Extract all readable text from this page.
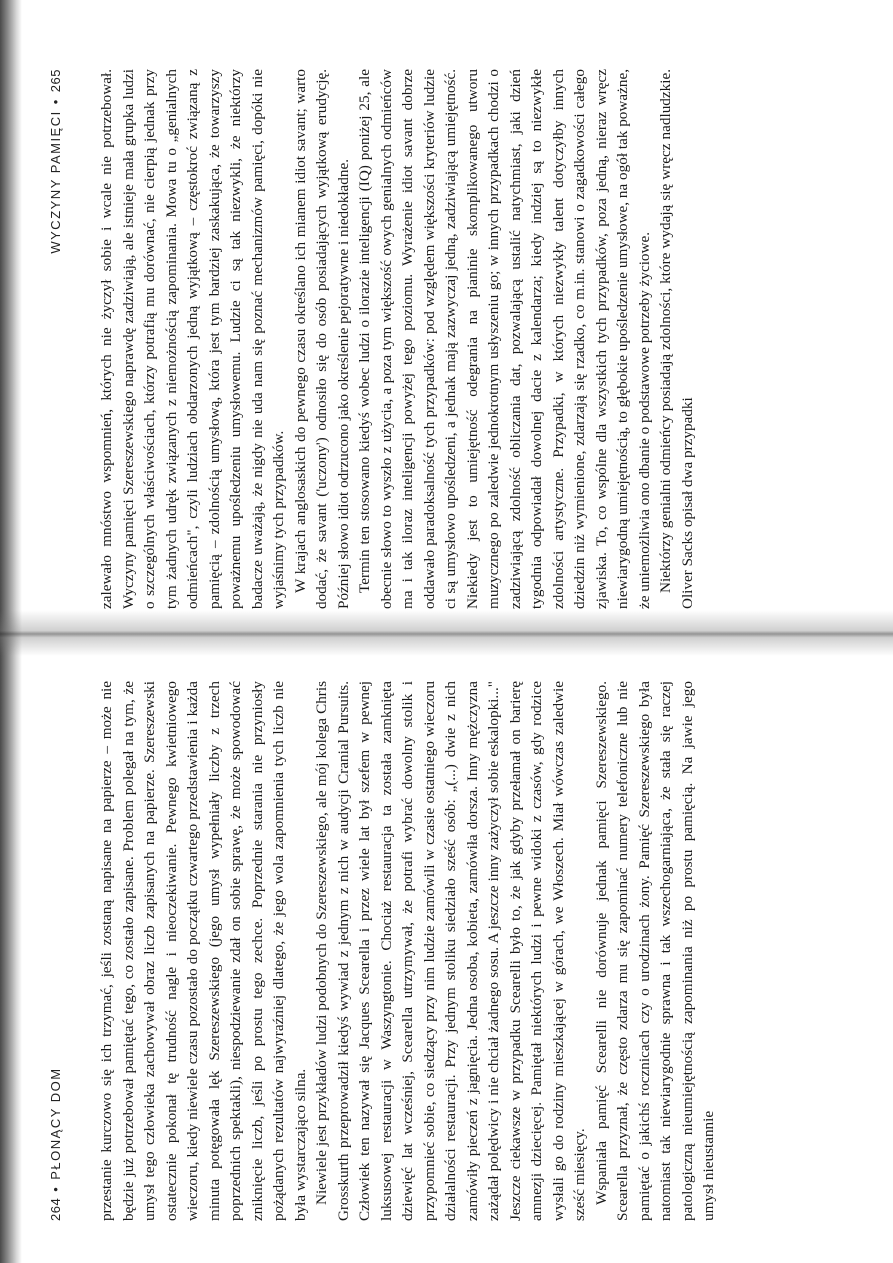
264•PŁONĄCY DOM	przestanie kurczowo się ich trzymać, jeśli zostaną napisane na papierze – może nie będzie już potrzebował pamiętać tego, co zostało zapisane. Problem polegał na tym, że umysł tego człowieka zachowywał obraz liczb zapisanych na papierze. Szereszewski ostatecznie pokonał tę trudność nagle i nieoczekiwanie. Pewnego kwietniowego wieczoru, kiedy niewiele czasu pozostało do początku czwartego przedstawienia i każda minuta potęgowała lęk Szereszewskiego (jego umysł wypełniały liczby z trzech poprzednich spektakli), niespodziewanie zdał on sobie sprawę, że może spowodować zniknięcie liczb, jeśli po prostu tego zechce. Poprzednie starania nie przyniosły pożądanych rezultatów najwyraźniej dlatego, że jego wola zapomnienia tych liczb nie była wystarczająco silna. Niewiele jest przykładów ludzi podobnych do Szereszewskiego, ale mój kolega Chris Grosskurth przeprowadził kiedyś wywiad z jednym z nich w audycji Cranial Pursuits. Człowiek ten nazywał się Jacques Scearella i przez wiele lat był szefem w pewnej luksusowej restauracji w Waszyngtonie. Chociaż restauracja ta została zamknięta dziewięć lat wcześniej, Scearella utrzymywał, że potrafi wybrać dowolny stolik i przypomnieć sobie, co siedzący przy nim ludzie zamówili w czasie ostatniego wieczoru działalności restauracji. Przy jednym stoliku siedziało sześć osób: „(...) dwie z nich zamówiły pieczeń z jagnięcia. Jedna osoba, kobieta, zamówiła dorsza. Inny mężczyzna zażądał polędwicy i nie chciał żadnego sosu. A jeszcze inny zażyczył sobie eskalopki..." Jeszcze ciekawsze w przypadku Scearelli było to, że jak gdyby przełamał on barierę amnezji dziecięcej. Pamiętał niektórych ludzi i pewne widoki z czasów, gdy rodzice wysłali go do rodziny mieszkającej w górach, we Włoszech. Miał wówczas zaledwie sześć miesięcy. Wspaniała pamięć Scearelli nie dorównuje jednak pamięci Szereszewskiego. Scearella przyznał, że często zdarza mu się zapominać numery telefoniczne lub nie pamiętać o jakichś rocznicach czy o urodzinach żony. Pamięć Szereszewskiego była natomiast tak niewiarygodnie sprawna i tak wszechogarniająca, że stała się raczej patologiczną nieumiejętnością zapominania niż po prostu pamięcią. Na jawie jego umysł nieustannie

WYCZYNY PAMIĘCI•265	zalewało mnóstwo wspomnień, których nie życzył sobie i wcale nie potrzebował. Wyczyny pamięci Szereszewskiego naprawdę zadziwiają, ale istnieje mała grupka ludzi o szczególnych właściwościach, którzy potrafią mu dorównać, nie cierpią jednak przy tym żadnych udręk związanych z niemożnością zapominania. Mowa tu o „genialnych odmieńcach", czyli ludziach obdarzonych jedną wyjątkową – częstokroć związaną z pamięcią – zdolnością umysłową, która jest tym bardziej zaskakująca, że towarzyszy poważnemu upośledzeniu umysłowemu. Ludzie ci są tak niezwykli, że niektórzy badacze uważają, że nigdy nie uda nam się poznać mechanizmów pamięci, dopóki nie wyjaśnimy tych przypadków. W krajach anglosaskich do pewnego czasu określano ich mianem idiot savant; warto dodać, że savant ('uczony') odnosiło się do osób posiadających wyjątkową erudycję. Później słowo idiot odrzucono jako określenie pejoratywne i niedokładne. Termin ten stosowano kiedyś wobec ludzi o ilorazie inteligencji (IQ) poniżej 25, ale obecnie słowo to wyszło z użycia, a poza tym większość owych genialnych odmieńców ma i tak iloraz inteligencji powyżej tego poziomu. Wyrażenie idiot savant dobrze oddawało paradoksalność tych przypadków: pod względem większości kryteriów ludzie ci są umysłowo upośledzeni, a jednak mają zazwyczaj jedną, zadziwiającą umiejętność. Niekiedy jest to umiejętność odegrania na pianinie skomplikowanego utworu muzycznego po zaledwie jednokrotnym usłyszeniu go; w innych przypadkach chodzi o zadziwiającą zdolność obliczania dat, pozwalającą ustalić natychmiast, jaki dzień tygodnia odpowiadał dowolnej dacie z kalendarza; kiedy indziej są to niezwykłe zdolności artystyczne. Przypadki, w których niezwykły talent dotyczyłby innych dziedzin niż wymienione, zdarzają się rzadko, co m.in. stanowi o zagadkowości całego zjawiska. To, co wspólne dla wszystkich tych przypadków, poza jedną, nieraz wręcz niewiarygodną umiejętnością, to głębokie upośledzenie umysłowe, na ogół tak poważne, że uniemożliwia ono dbanie o podstawowe potrzeby życiowe. Niektórzy genialni odmieńcy posiadają zdolności, które wydają się wręcz nadludzkie. Oliver Sacks opisał dwa przypadki
